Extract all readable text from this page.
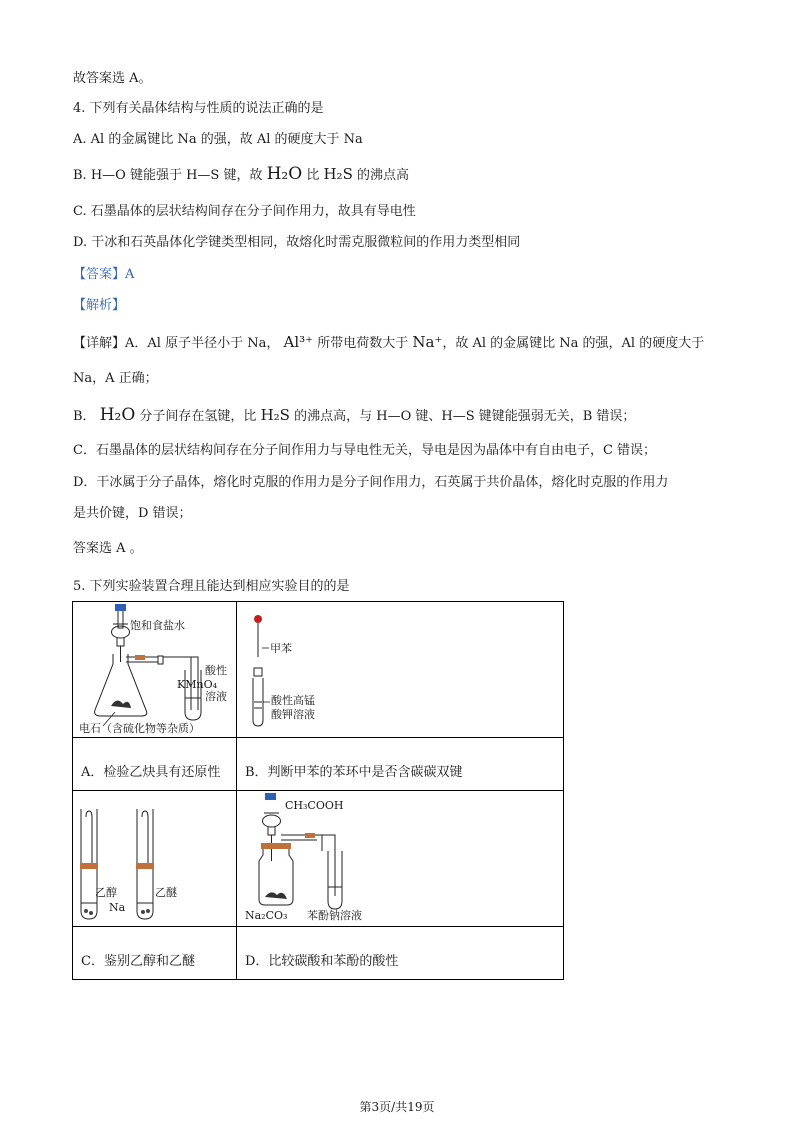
故答案选 A。
4. 下列有关晶体结构与性质的说法正确的是
A. Al 的金属键比 Na 的强，故 Al 的硬度大于 Na
B. H—O 键能强于 H—S 键，故 H₂O 比 H₂S 的沸点高
C. 石墨晶体的层状结构间存在分子间作用力，故具有导电性
D. 干冰和石英晶体化学键类型相同，故熔化时需克服微粒间的作用力类型相同
【答案】A
【解析】
【详解】A．Al 原子半径小于 Na， Al³⁺ 所带电荷数大于 Na⁺，故 Al 的金属键比 Na 的强，Al 的硬度大于
Na，A 正确；
B． H₂O 分子间存在氢键，比 H₂S 的沸点高，与 H—O 键、H—S 键键能强弱无关，B 错误；
C．石墨晶体的层状结构间存在分子间作用力与导电性无关，导电是因为晶体中有自由电子，C 错误；
D．干冰属于分子晶体，熔化时克服的作用力是分子间作用力，石英属于共价晶体，熔化时克服的作用力
是共价键，D 错误；
答案选 A 。
5. 下列实验装置合理且能达到相应实验目的的是
饱和食盐水
酸性
KMnO₄
溶液
电石（含硫化物等杂质）	甲苯
酸性高锰
酸钾溶液

A．检验乙炔具有还原性	B．判断甲苯的苯环中是否含碳碳双键

乙醇 乙醚
Na	CH₃COOH
Na₂CO₃ 苯酚钠溶液

C．鉴别乙醇和乙醚	D．比较碳酸和苯酚的酸性
第3页/共19页
